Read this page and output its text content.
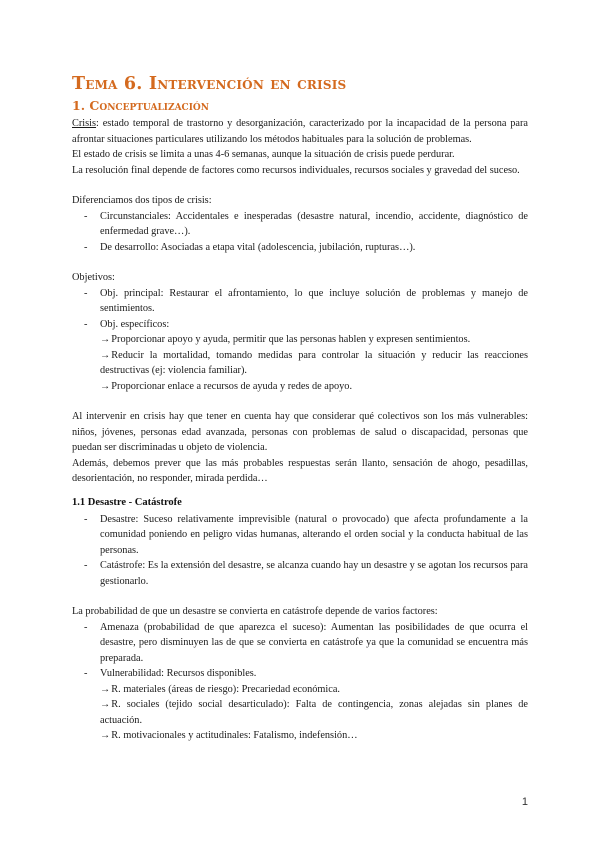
Tema 6. Intervención en crisis
1. Conceptualización

Crisis: estado temporal de trastorno y desorganización, caracterizado por la incapacidad de la persona para afrontar situaciones particulares utilizando los métodos habituales para la solución de problemas.

El estado de crisis se limita a unas 4-6 semanas, aunque la situación de crisis puede perdurar.

La resolución final depende de factores como recursos individuales, recursos sociales y gravedad del suceso.

Diferenciamos dos tipos de crisis:

- Circunstanciales: Accidentales e inesperadas (desastre natural, incendio, accidente, diagnóstico de enfermedad grave…).
- De desarrollo: Asociadas a etapa vital (adolescencia, jubilación, rupturas…).

Objetivos:

- Obj. principal: Restaurar el afrontamiento, lo que incluye solución de problemas y manejo de sentimientos.
- Obj. específicos:
→Proporcionar apoyo y ayuda, permitir que las personas hablen y expresen sentimientos.
→Reducir la mortalidad, tomando medidas para controlar la situación y reducir las reacciones destructivas (ej: violencia familiar).
→Proporcionar enlace a recursos de ayuda y redes de apoyo.

Al intervenir en crisis hay que tener en cuenta hay que considerar qué colectivos son los más vulnerables: niños, jóvenes, personas edad avanzada, personas con problemas de salud o discapacidad, personas que puedan ser discriminadas u objeto de violencia.

Además, debemos prever que las más probables respuestas serán llanto, sensación de ahogo, pesadillas, desorientación, no responder, mirada perdida…

1.1 Desastre - Catástrofe
- Desastre: Suceso relativamente imprevisible (natural o provocado) que afecta profundamente a la comunidad poniendo en peligro vidas humanas, alterando el orden social y la conducta habitual de las personas.
- Catástrofe: Es la extensión del desastre, se alcanza cuando hay un desastre y se agotan los recursos para gestionarlo.

La probabilidad de que un desastre se convierta en catástrofe depende de varios factores:

- Amenaza (probabilidad de que aparezca el suceso): Aumentan las posibilidades de que ocurra el desastre, pero disminuyen las de que se convierta en catástrofe ya que la comunidad se encuentra más preparada.
- Vulnerabilidad: Recursos disponibles.
→R. materiales (áreas de riesgo): Precariedad económica.
→R. sociales (tejido social desarticulado): Falta de contingencia, zonas alejadas sin planes de actuación.
→R. motivacionales y actitudinales: Fatalismo, indefensión…
1
